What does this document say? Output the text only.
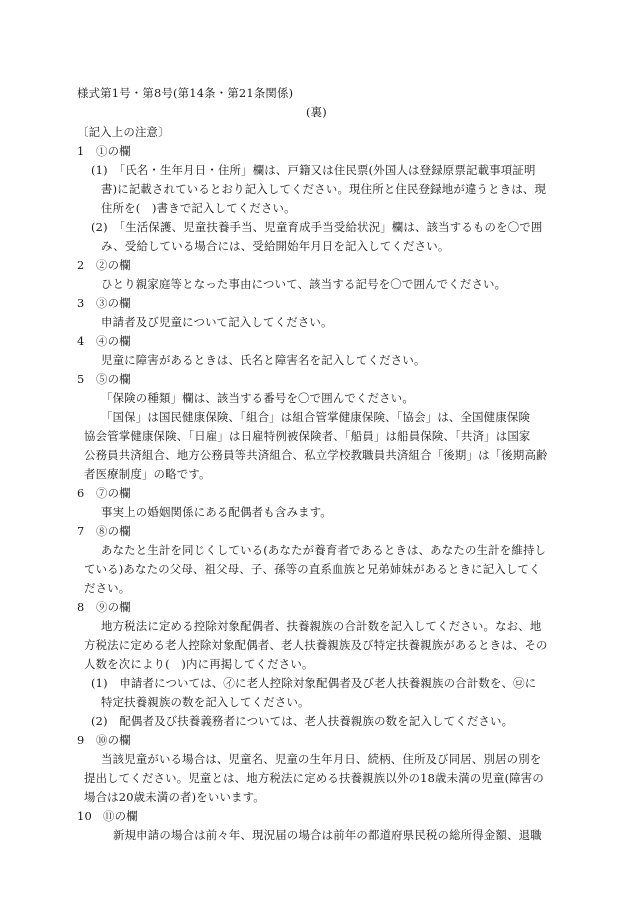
様式第1号・第8号(第14条・第21条関係)
(裏)
〔記入上の注意〕
1 ①の欄
(1)　「氏名・生年月日・住所」欄は、戸籍又は住民票(外国人は登録原票記載事項証明
書)に記載されているとおり記入してください。現住所と住民登録地が違うときは、現
住所を(　)書きで記入してください。
(2)　「生活保護、児童扶養手当、児童育成手当受給状況」欄は、該当するものを〇で囲
み、受給している場合には、受給開始年月日を記入してください。
2 ②の欄
ひとり親家庭等となった事由について、該当する記号を〇で囲んでください。
3 ③の欄
申請者及び児童について記入してください。
4 ④の欄
児童に障害があるときは、氏名と障害名を記入してください。
5 ⑤の欄
「保険の種類」欄は、該当する番号を〇で囲んでください。
「国保」は国民健康保険、「組合」は組合管掌健康保険、「協会」は、全国健康保険
協会管掌健康保険、「日雇」は日雇特例被保険者、「船員」は船員保険、「共済」は国家
公務員共済組合、地方公務員等共済組合、私立学校教職員共済組合「後期」は「後期高齢
者医療制度」の略です。
6 ⑦の欄
事実上の婚姻関係にある配偶者も含みます。
7 ⑧の欄
あなたと生計を同じくしている(あなたが養育者であるときは、あなたの生計を維持し
ている)あなたの父母、祖父母、子、孫等の直系血族と兄弟姉妹があるときに記入してく
ださい。
8 ⑨の欄
地方税法に定める控除対象配偶者、扶養親族の合計数を記入してください。なお、地
方税法に定める老人控除対象配偶者、老人扶養親族及び特定扶養親族があるときは、その
人数を次により(　)内に再掲してください。
(1)　申請者については、㋑に老人控除対象配偶者及び老人扶養親族の合計数を、㋺に
特定扶養親族の数を記入してください。
(2)　配偶者及び扶養義務者については、老人扶養親族の数を記入してください。
9 ⑩の欄
当該児童がいる場合は、児童名、児童の生年月日、続柄、住所及び同居、別居の別を
提出してください。児童とは、地方税法に定める扶養親族以外の18歳未満の児童(障害の
場合は20歳未満の者)をいいます。
10 ⑪の欄
新規申請の場合は前々年、現況届の場合は前年の都道府県民税の総所得金額、退職
